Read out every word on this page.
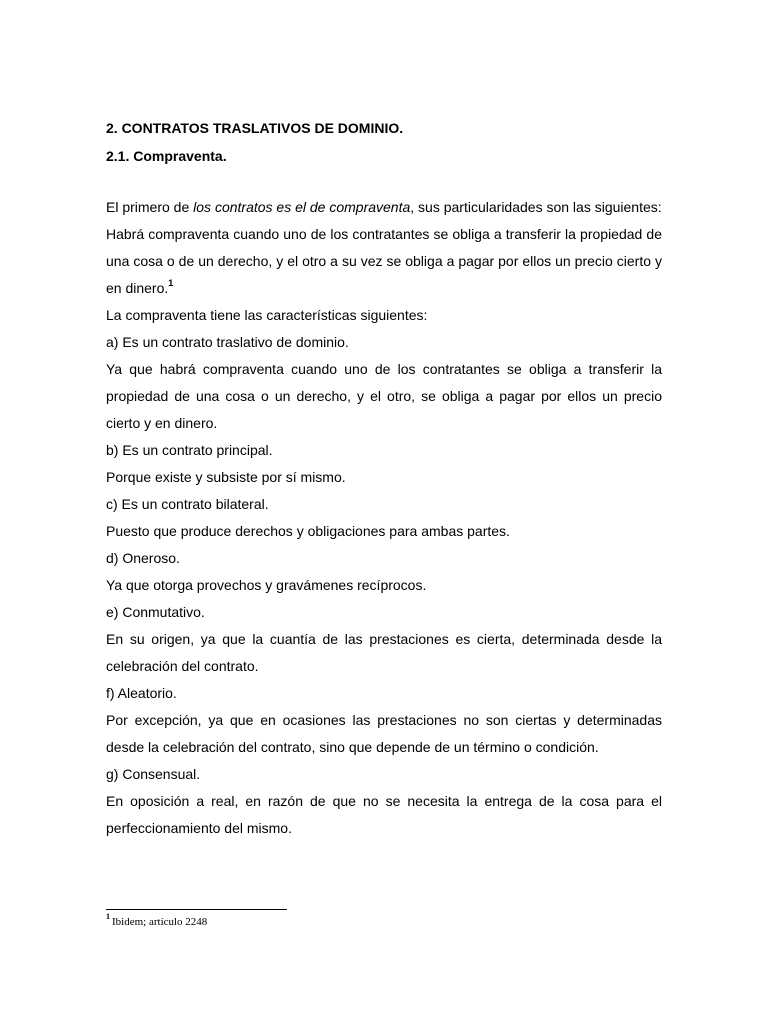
2. CONTRATOS TRASLATIVOS DE DOMINIO.

2.1. Compraventa.

El primero de los contratos es el de compraventa, sus particularidades son las siguientes:

Habrá compraventa cuando uno de los contratantes se obliga a transferir la propiedad de una cosa o de un derecho, y el otro a su vez se obliga a pagar por ellos un precio cierto y en dinero.$^1$

La compraventa tiene las características siguientes:

a) Es un contrato traslativo de dominio.

Ya que habrá compraventa cuando uno de los contratantes se obliga a transferir la propiedad de una cosa o un derecho, y el otro, se obliga a pagar por ellos un precio cierto y en dinero.

b) Es un contrato principal.

Porque existe y subsiste por sí mismo.

c) Es un contrato bilateral.

Puesto que produce derechos y obligaciones para ambas partes.

d) Oneroso.

Ya que otorga provechos y gravámenes recíprocos.

e) Conmutativo.

En su origen, ya que la cuantía de las prestaciones es cierta, determinada desde la celebración del contrato.

f) Aleatorio.

Por excepción, ya que en ocasiones las prestaciones no son ciertas y determinadas desde la celebración del contrato, sino que depende de un término o condición.

g) Consensual.

En oposición a real, en razón de que no se necesita la entrega de la cosa para el perfeccionamiento del mismo.

$^1$ Ibidem; artículo 2248
